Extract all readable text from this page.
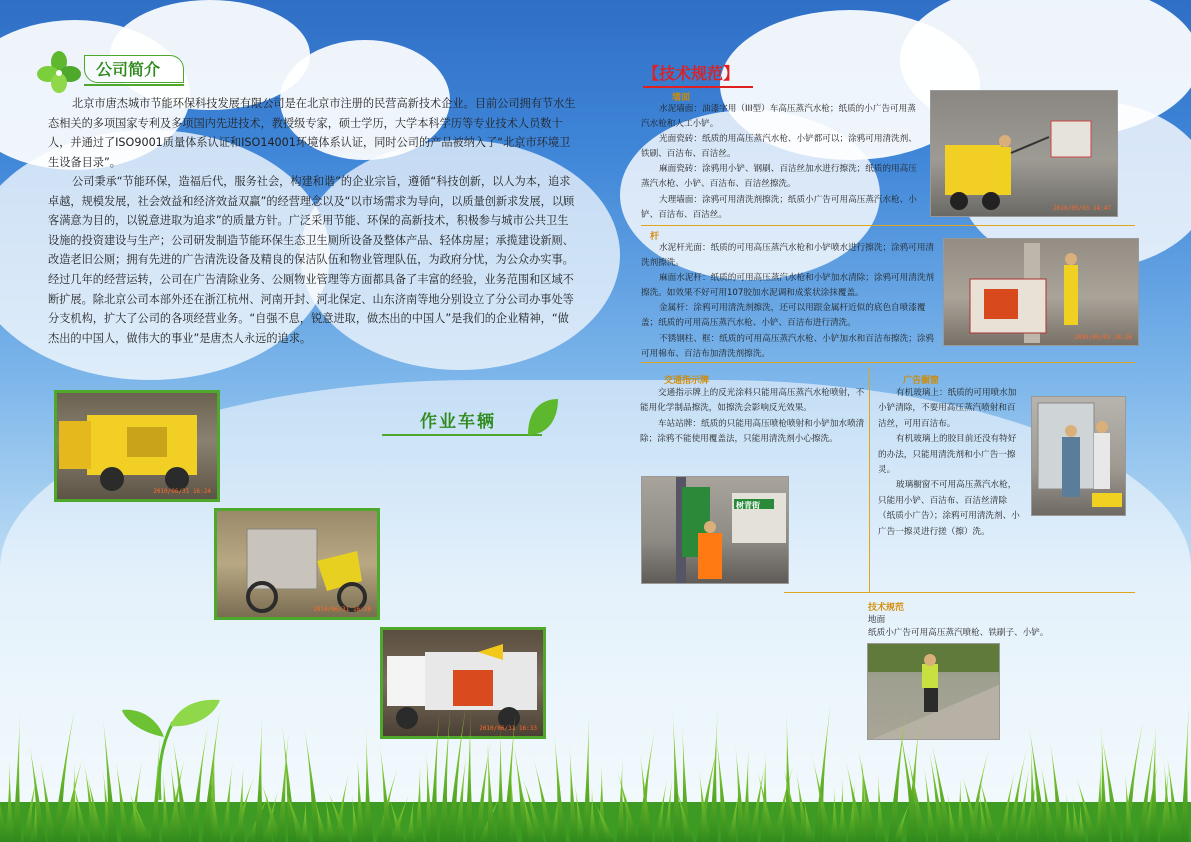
公司简介

北京市唐杰城市节能环保科技发展有限公司是在北京市注册的民营高新技术企业。目前公司拥有节水生态相关的多项国家专利及多项国内先进技术，教授级专家，硕士学历，大学本科学历等专业技术人员数十人，并通过了ISO9001质量体系认证和ISO14001环境体系认证，同时公司的产品被纳入了“北京市环境卫生设备目录”。

公司秉承“节能环保，造福后代，服务社会，构建和谐”的企业宗旨，遵循“科技创新，以人为本，追求卓越，规模发展，社会效益和经济效益双赢”的经营理念以及“以市场需求为导向，以质量创新求发展，以顾客满意为目的，以锐意进取为追求”的质量方针。广泛采用节能、环保的高新技术，积极参与城市公共卫生设施的投资建设与生产；公司研发制造节能环保生态卫生厕所设备及整体产品、轻体房屋；承揽建设新厕、改造老旧公厕；拥有先进的广告清洗设备及精良的保洁队伍和物业管理队伍，为政府分忧，为公众办实事。经过几年的经营运转，公司在广告清除业务、公厕物业管理等方面都具备了丰富的经验，业务范围和区域不断扩展。除北京公司本部外还在浙江杭州、河南开封、河北保定、山东济南等地分别设立了分公司办事处等分支机构，扩大了公司的各项经营业务。“自强不息，锐意进取，做杰出的中国人”是我们的企业精神，“做杰出的中国人，做伟大的事业”是唐杰人永远的追求。

作业车辆
2010/06/31 16:24
2010/06/31 16:28
2010/06/31 16:33
【技术规范】
墙面

水泥墙面：油漆字用（III型）车高压蒸汽水枪；纸质的小广告可用蒸汽水枪和人工小铲。
光面瓷砖：纸质的用高压蒸汽水枪、小铲都可以；涂鸦可用清洗剂、铁刷、百洁布、百洁丝。
麻面瓷砖：涂鸦用小铲、钢刷、百洁丝加水进行擦洗；纸质的用高压蒸汽水枪、小铲、百洁布、百洁丝擦洗。
大理墙面：涂鸦可用清洗剂擦洗；纸质小广告可用高压蒸汽水枪、小铲、百洁布、百洁丝。

2010/05/03 14:47
杆

水泥杆光面：纸质的可用高压蒸汽水枪和小铲喷水进行擦洗；涂鸦可用清洗剂擦洗。
麻面水泥杆：纸质的可用高压蒸汽水枪和小铲加水清除；涂鸦可用清洗剂擦洗。如效果不好可用107胶加水泥调和成浆状涂抹覆盖。
金属杆：涂鸦可用清洗剂擦洗，还可以用跟金属杆近似的底色自喷漆覆盖；纸质的可用高压蒸汽水枪、小铲、百洁布进行清洗。
不锈钢柱、框：纸质的可用高压蒸汽水枪、小铲加水和百洁布擦洗；涂鸦可用棉布、百洁布加清洗剂擦洗。

2010/05/03 14:26
交通指示牌

交通指示牌上的反光涂料只能用高压蒸汽水枪喷射，不能用化学制品擦洗，如擦洗会影响反光效果。
车站站牌：纸质的只能用高压喷枪喷射和小铲加水喷清除；涂鸦不能使用覆盖法，只能用清洗剂小心擦洗。

树青街
广告橱窗

有机玻璃上：纸质的可用喷水加小铲清除，不要用高压蒸汽喷射和百洁丝，可用百洁布。
有机玻璃上的胶目前还没有特好的办法，只能用清洗剂和小广告一擦灵。
玻璃橱窗不可用高压蒸汽水枪，只能用小铲、百洁布、百洁丝清除（纸质小广告）；涂鸦可用清洗剂、小广告一擦灵进行搓（擦）洗。

技术规范
地面
纸质小广告可用高压蒸汽喷枪、铁刷子、小铲。
